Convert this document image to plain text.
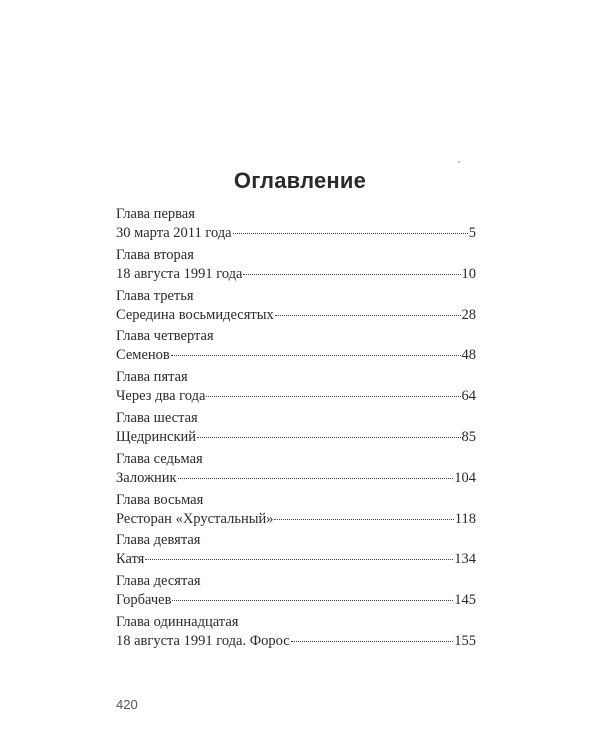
Оглавление
Глава первая
30 марта 2011 года	5
Глава вторая
18 августа 1991 года	10
Глава третья
Середина восьмидесятых	28
Глава четвертая
Семенов	48
Глава пятая
Через два года	64
Глава шестая
Щедринский	85
Глава седьмая
Заложник	104
Глава восьмая
Ресторан «Хрустальный»	118
Глава девятая
Катя	134
Глава десятая
Горбачев	145
Глава одиннадцатая
18 августа 1991 года. Форос	155
420
